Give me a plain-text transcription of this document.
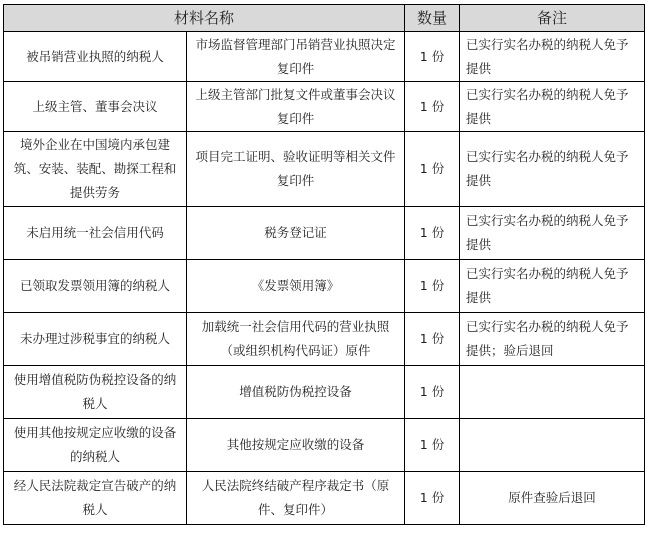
材料名称		数量	备注
被吊销营业执照的纳税人	市场监督管理部门吊销营业执照决定复印件	1 份	已实行实名办税的纳税人免予提供
上级主管、董事会决议	上级主管部门批复文件或董事会决议复印件	1 份	已实行实名办税的纳税人免予提供
境外企业在中国境内承包建筑、安装、装配、勘探工程和提供劳务	项目完工证明、验收证明等相关文件复印件	1 份	已实行实名办税的纳税人免予提供
未启用统一社会信用代码	税务登记证	1 份	已实行实名办税的纳税人免予提供
已领取发票领用簿的纳税人	《发票领用簿》	1 份	已实行实名办税的纳税人免予提供
未办理过涉税事宜的纳税人	加载统一社会信用代码的营业执照（或组织机构代码证）原件	1 份	已实行实名办税的纳税人免予提供；验后退回
使用增值税防伪税控设备的纳税人	增值税防伪税控设备	1 份	
使用其他按规定应收缴的设备的纳税人	其他按规定应收缴的设备	1 份	
经人民法院裁定宣告破产的纳税人	人民法院终结破产程序裁定书（原件、复印件）	1 份	原件查验后退回
